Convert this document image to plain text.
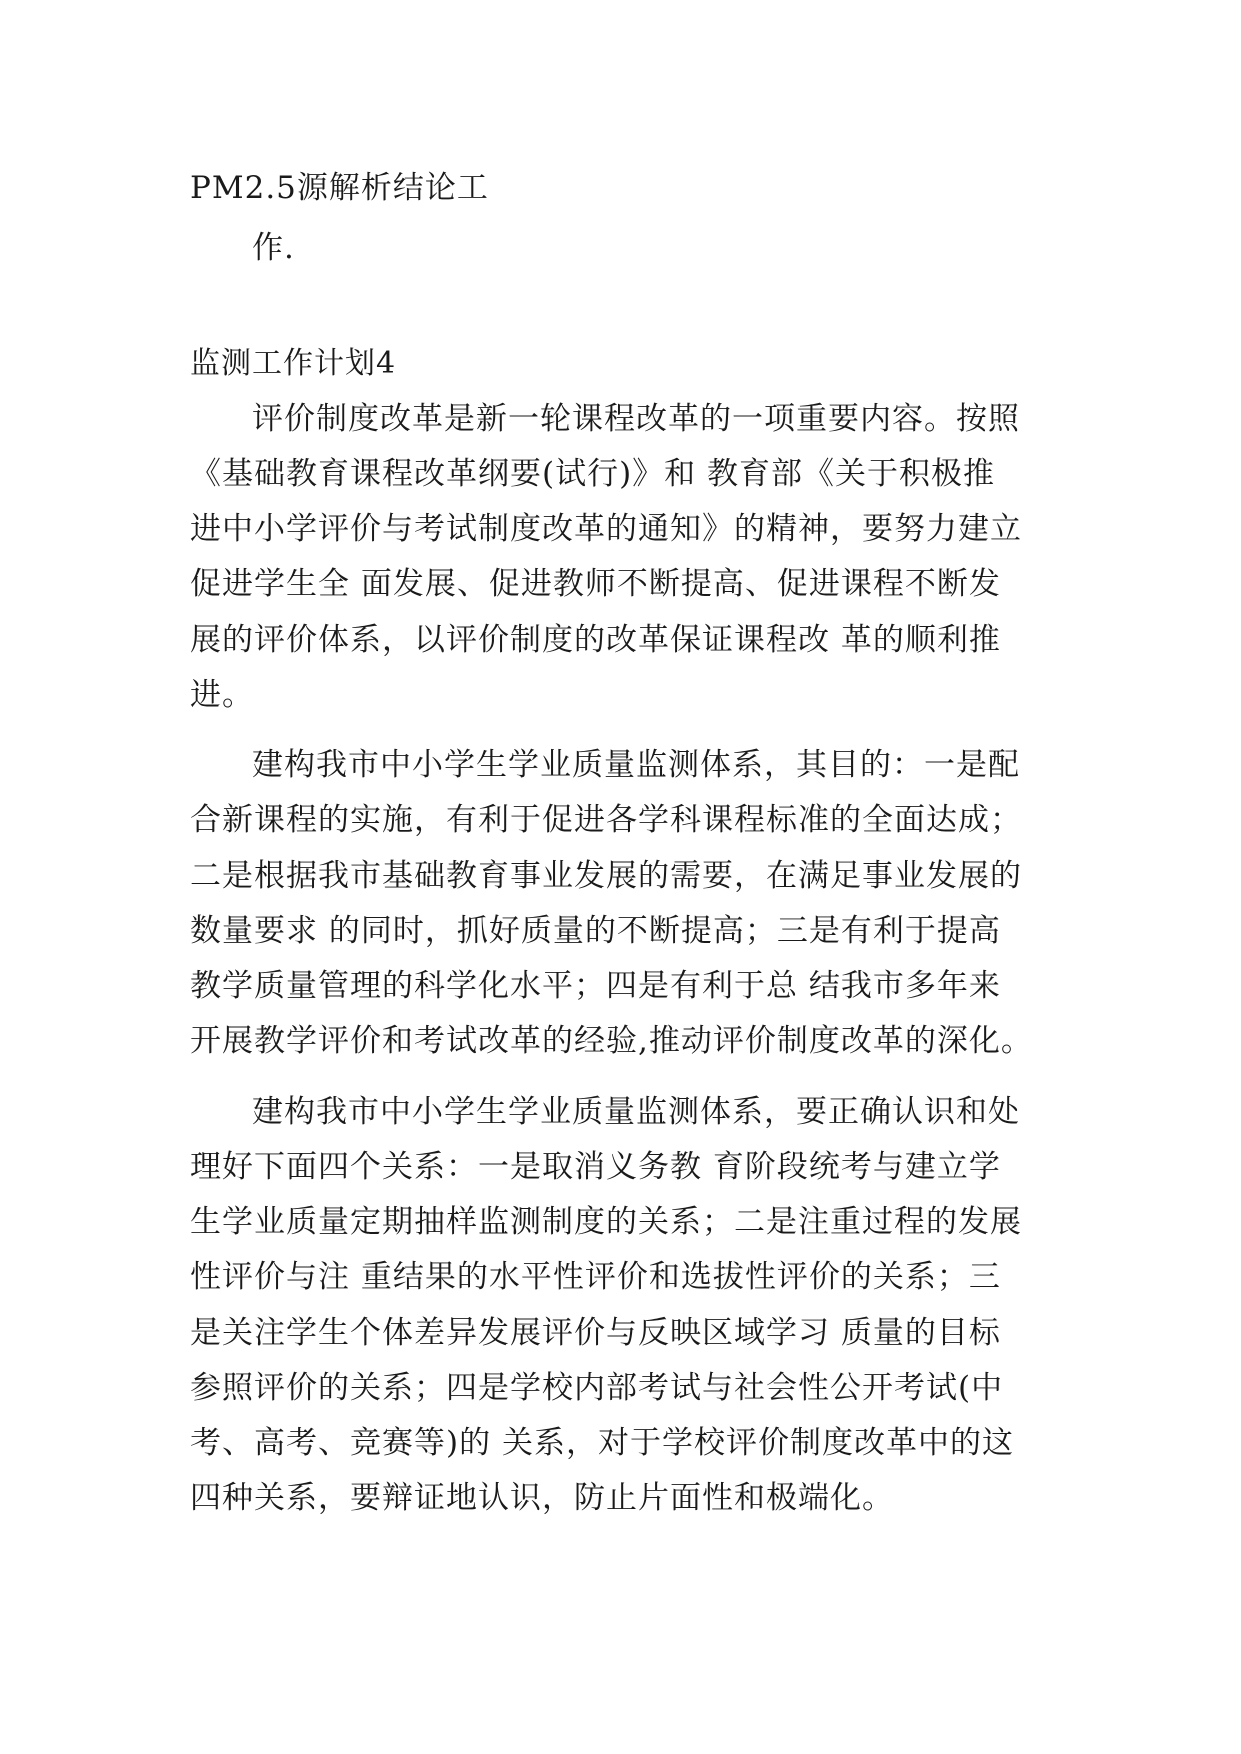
PM2.5源解析结论工
作.
监测工作计划4
评价制度改革是新一轮课程改革的一项重要内容。按照
《基础教育课程改革纲要(试行)》和 教育部《关于积极推
进中小学评价与考试制度改革的通知》的精神，要努力建立
促进学生全 面发展、促进教师不断提高、促进课程不断发
展的评价体系，以评价制度的改革保证课程改 革的顺利推
进。
建构我市中小学生学业质量监测体系，其目的：一是配
合新课程的实施，有利于促进各学科课程标准的全面达成；
二是根据我市基础教育事业发展的需要，在满足事业发展的
数量要求 的同时，抓好质量的不断提高；三是有利于提高
教学质量管理的科学化水平；四是有利于总 结我市多年来
开展教学评价和考试改革的经验,推动评价制度改革的深化。
建构我市中小学生学业质量监测体系，要正确认识和处
理好下面四个关系：一是取消义务教 育阶段统考与建立学
生学业质量定期抽样监测制度的关系；二是注重过程的发展
性评价与注 重结果的水平性评价和选拔性评价的关系；三
是关注学生个体差异发展评价与反映区域学习 质量的目标
参照评价的关系；四是学校内部考试与社会性公开考试(中
考、高考、竞赛等)的 关系，对于学校评价制度改革中的这
四种关系，要辩证地认识，防止片面性和极端化。
